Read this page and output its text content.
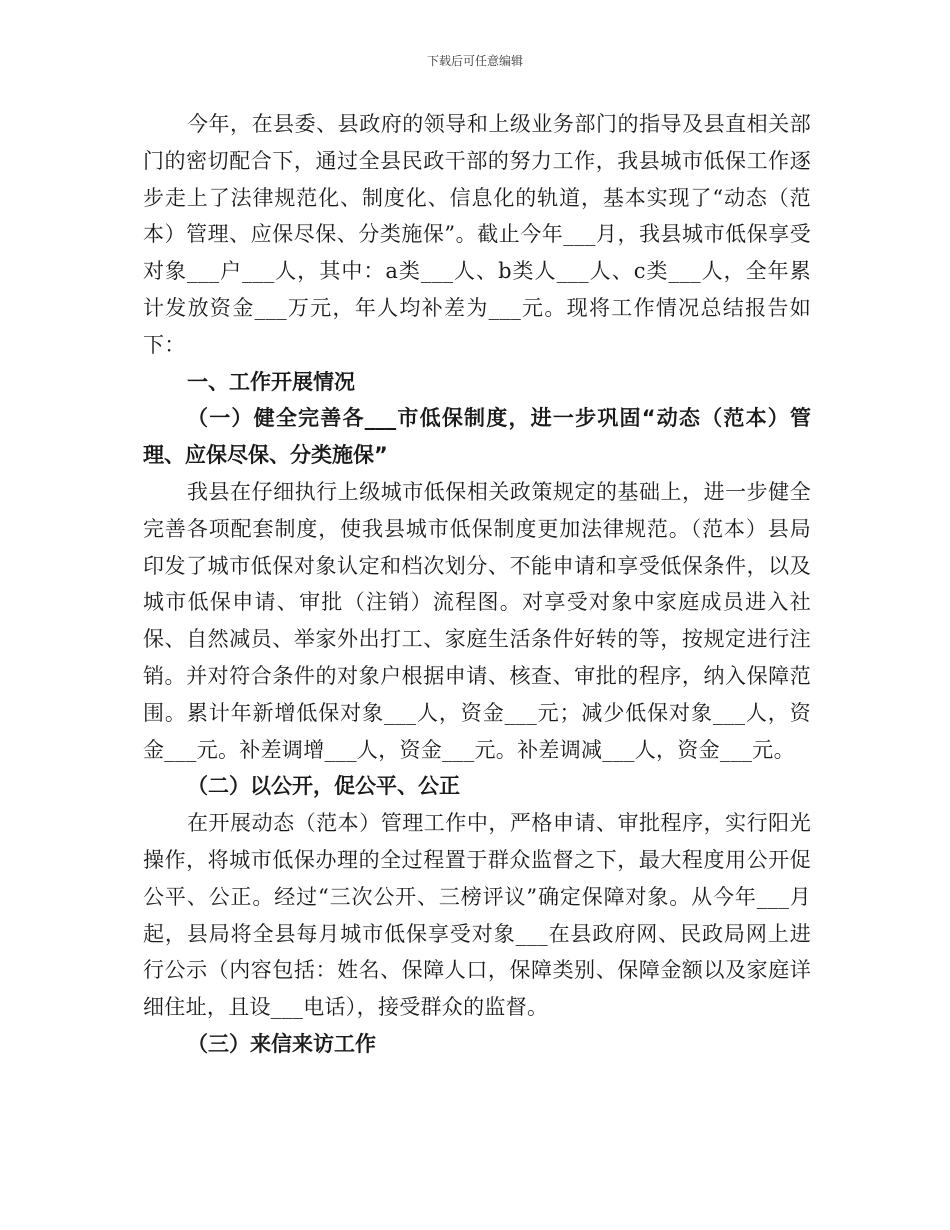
下载后可任意编辑

今年，在县委、县政府的领导和上级业务部门的指导及县直相关部门的密切配合下，通过全县民政干部的努力工作，我县城市低保工作逐步走上了法律规范化、制度化、信息化的轨道，基本实现了“动态（范本）管理、应保尽保、分类施保”。截止今年___月，我县城市低保享受对象___户___人，其中：a类___人、b类人___人、c类___人，全年累计发放资金___万元，年人均补差为___元。现将工作情况总结报告如下：

一、工作开展情况

（一）健全完善各___市低保制度，进一步巩固“动态（范本）管理、应保尽保、分类施保”

我县在仔细执行上级城市低保相关政策规定的基础上，进一步健全完善各项配套制度，使我县城市低保制度更加法律规范。（范本）县局印发了城市低保对象认定和档次划分、不能申请和享受低保条件，以及城市低保申请、审批（注销）流程图。对享受对象中家庭成员进入社保、自然减员、举家外出打工、家庭生活条件好转的等，按规定进行注销。并对符合条件的对象户根据申请、核查、审批的程序，纳入保障范围。累计年新增低保对象___人，资金___元；减少低保对象___人，资金___元。补差调增___人，资金___元。补差调减___人，资金___元。

（二）以公开，促公平、公正

在开展动态（范本）管理工作中，严格申请、审批程序，实行阳光操作，将城市低保办理的全过程置于群众监督之下，最大程度用公开促公平、公正。经过“三次公开、三榜评议”确定保障对象。从今年___月起，县局将全县每月城市低保享受对象___在县政府网、民政局网上进行公示（内容包括：姓名、保障人口，保障类别、保障金额以及家庭详细住址，且设___电话），接受群众的监督。

（三）来信来访工作
